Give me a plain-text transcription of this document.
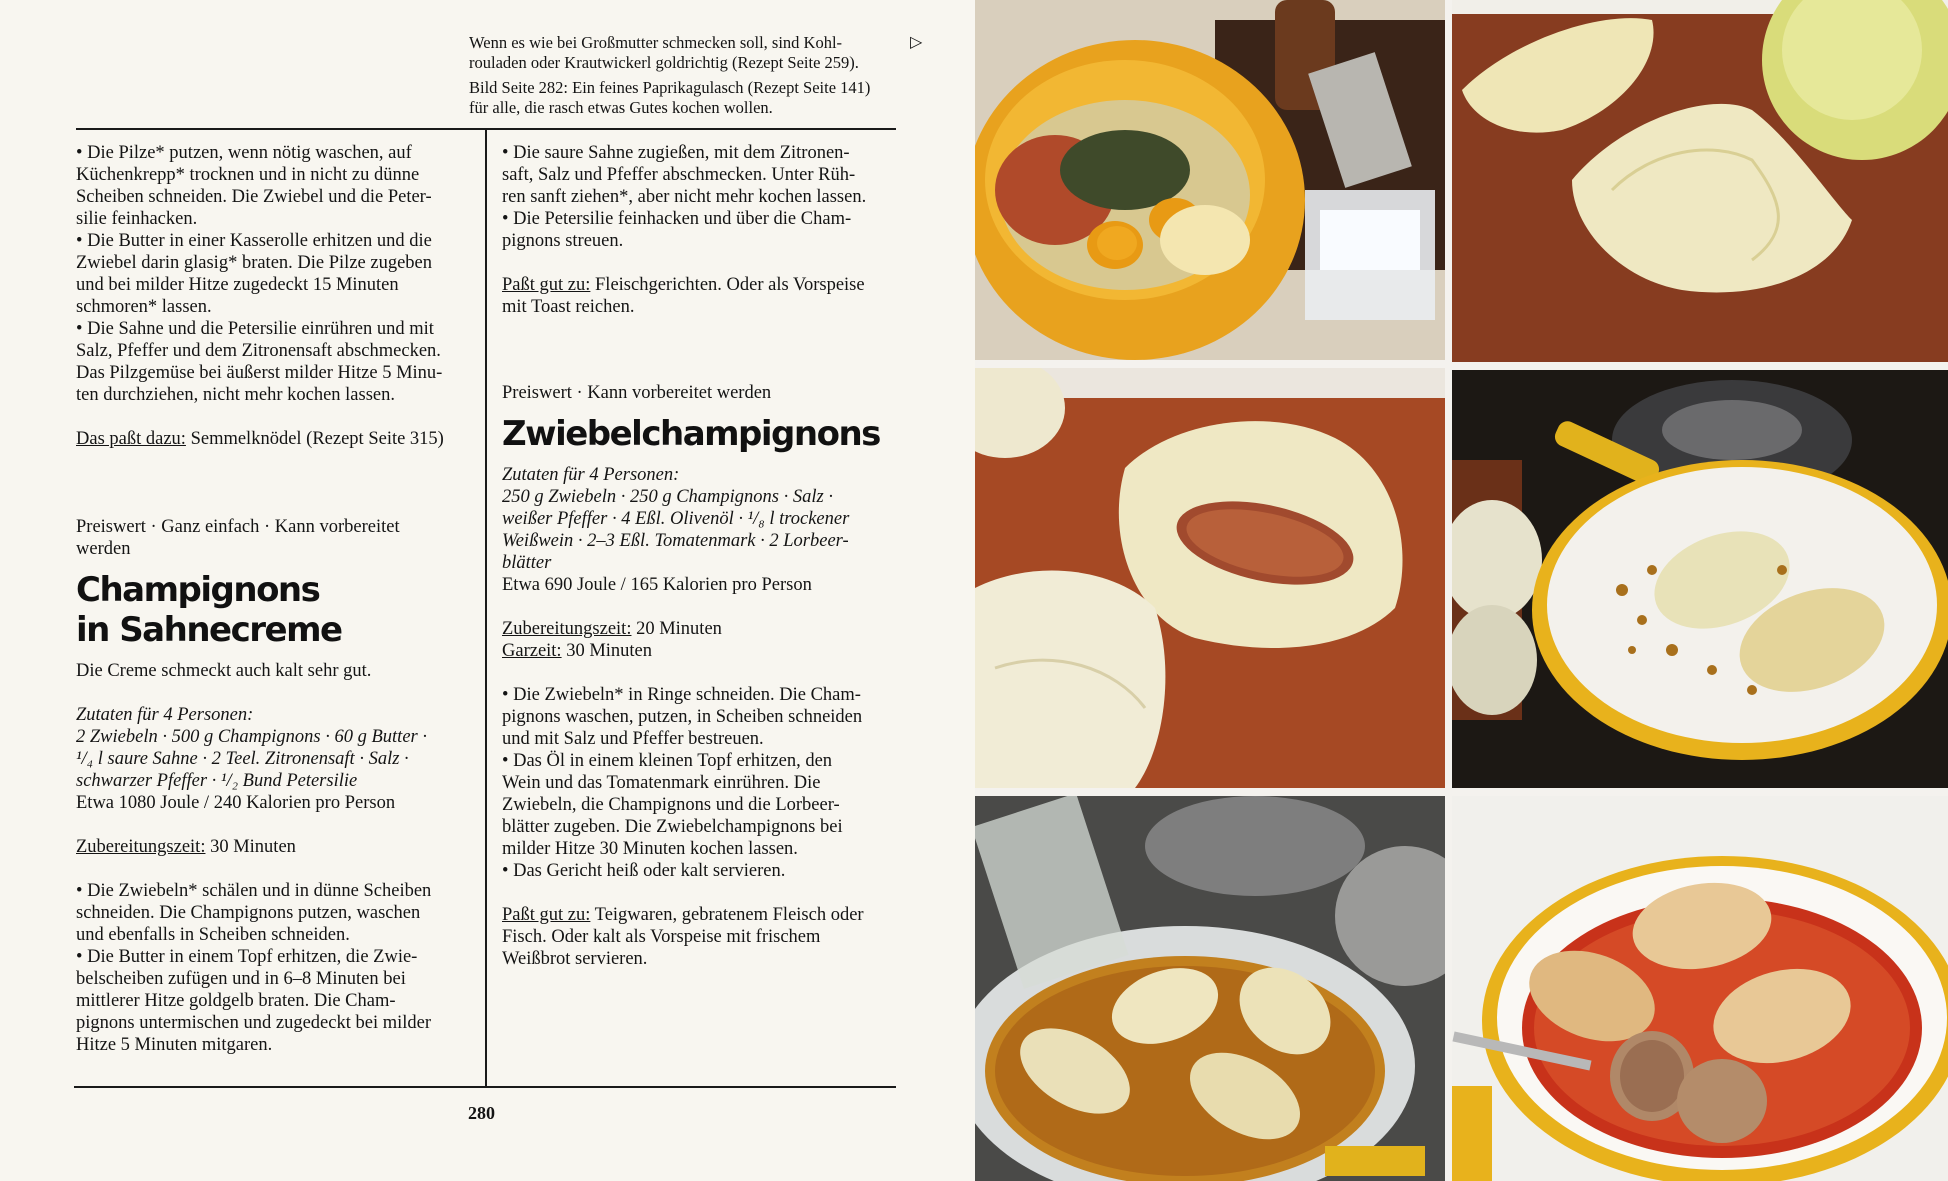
Wenn es wie bei Großmutter schmecken soll, sind Kohl-

rouladen oder Krautwickerl goldrichtig (Rezept Seite 259).

Bild Seite 282: Ein feines Paprikagulasch (Rezept Seite 141)

für alle, die rasch etwas Gutes kochen wollen.

▷

• Die Pilze* putzen, wenn nötig waschen, auf

Küchenkrepp* trocknen und in nicht zu dünne

Scheiben schneiden. Die Zwiebel und die Peter-

silie feinhacken.

• Die Butter in einer Kasserolle erhitzen und die

Zwiebel darin glasig* braten. Die Pilze zugeben

und bei milder Hitze zugedeckt 15 Minuten

schmoren* lassen.

• Die Sahne und die Petersilie einrühren und mit

Salz, Pfeffer und dem Zitronensaft abschmecken.

Das Pilzgemüse bei äußerst milder Hitze 5 Minu-

ten durchziehen, nicht mehr kochen lassen.

Das paßt dazu: Semmelknödel (Rezept Seite 315)

Preiswert · Ganz einfach · Kann vorbereitet

werden

Champignons
in Sahnecreme

Die Creme schmeckt auch kalt sehr gut.

Zutaten für 4 Personen:

2 Zwiebeln · 500 g Champignons · 60 g Butter ·

¹/₄ l saure Sahne · 2 Teel. Zitronensaft · Salz ·

schwarzer Pfeffer · ¹/₂ Bund Petersilie

Etwa 1080 Joule / 240 Kalorien pro Person

Zubereitungszeit: 30 Minuten

• Die Zwiebeln* schälen und in dünne Scheiben

schneiden. Die Champignons putzen, waschen

und ebenfalls in Scheiben schneiden.

• Die Butter in einem Topf erhitzen, die Zwie-

belscheiben zufügen und in 6–8 Minuten bei

mittlerer Hitze goldgelb braten. Die Cham-

pignons untermischen und zugedeckt bei milder

Hitze 5 Minuten mitgaren.

• Die saure Sahne zugießen, mit dem Zitronen-

saft, Salz und Pfeffer abschmecken. Unter Rüh-

ren sanft ziehen*, aber nicht mehr kochen lassen.

• Die Petersilie feinhacken und über die Cham-

pignons streuen.

Paßt gut zu: Fleischgerichten. Oder als Vorspeise

mit Toast reichen.

Preiswert · Kann vorbereitet werden

Zwiebelchampignons

Zutaten für 4 Personen:

250 g Zwiebeln · 250 g Champignons · Salz ·

weißer Pfeffer · 4 Eßl. Olivenöl · ¹/₈ l trockener

Weißwein · 2–3 Eßl. Tomatenmark · 2 Lorbeer-

blätter

Etwa 690 Joule / 165 Kalorien pro Person

Zubereitungszeit: 20 Minuten

Garzeit: 30 Minuten

• Die Zwiebeln* in Ringe schneiden. Die Cham-

pignons waschen, putzen, in Scheiben schneiden

und mit Salz und Pfeffer bestreuen.

• Das Öl in einem kleinen Topf erhitzen, den

Wein und das Tomatenmark einrühren. Die

Zwiebeln, die Champignons und die Lorbeer-

blätter zugeben. Die Zwiebelchampignons bei

milder Hitze 30 Minuten kochen lassen.

• Das Gericht heiß oder kalt servieren.

Paßt gut zu: Teigwaren, gebratenem Fleisch oder

Fisch. Oder kalt als Vorspeise mit frischem

Weißbrot servieren.

280
